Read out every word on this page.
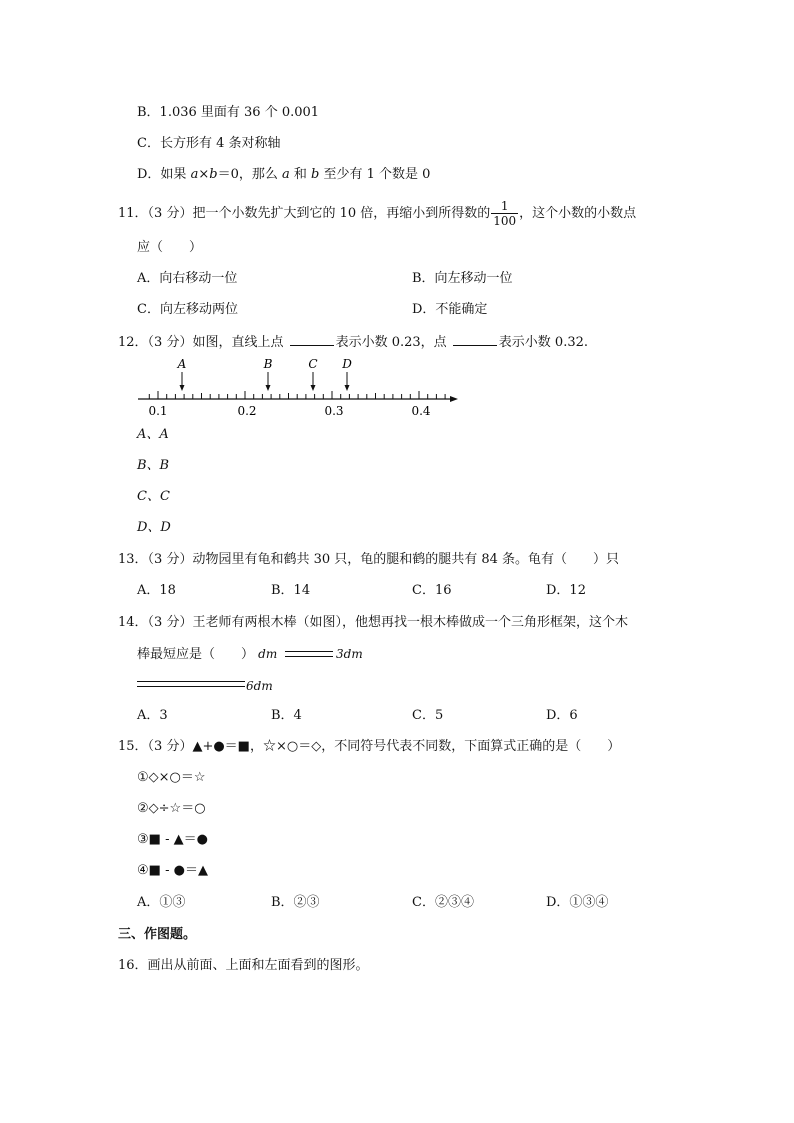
B．1.036 里面有 36 个 0.001
C．长方形有 4 条对称轴
D．如果 a×b＝0，那么 a 和 b 至少有 1 个数是 0
11．（3 分）把一个小数先扩大到它的 10 倍，再缩小到所得数的 $\frac{1}{100}$ ，这个小数的小数点
应（　　）
A．向右移动一位	B．向左移动一位
C．向左移动两位	D．不能确定
12．（3 分）如图，直线上点	表示小数 0.23，点	表示小数 0.32.
A	B	C D
0.1	0.2	0.3	0.4
A、A
B、B
C、C
D、D
13．（3 分）动物园里有龟和鹤共 30 只，龟的腿和鹤的腿共有 84 条。龟有（　　）只
A．18	B．14	C．16	D．12
14．（3 分）王老师有两根木棒（如图），他想再找一根木棒做成一个三角形框架，这个木
棒最短应是（　　） dm	3dm
6dm
A．3	B．4	C．5	D．6
15．（3 分）▲+●＝■，☆×○＝◇，不同符号代表不同数，下面算式正确的是（　　）
①◇×○＝☆
②◇÷☆＝○
③■ - ▲＝●
④■ - ●＝▲
A．①③	B．②③	C．②③④	D．①③④
三、作图题。
16．画出从前面、上面和左面看到的图形。
